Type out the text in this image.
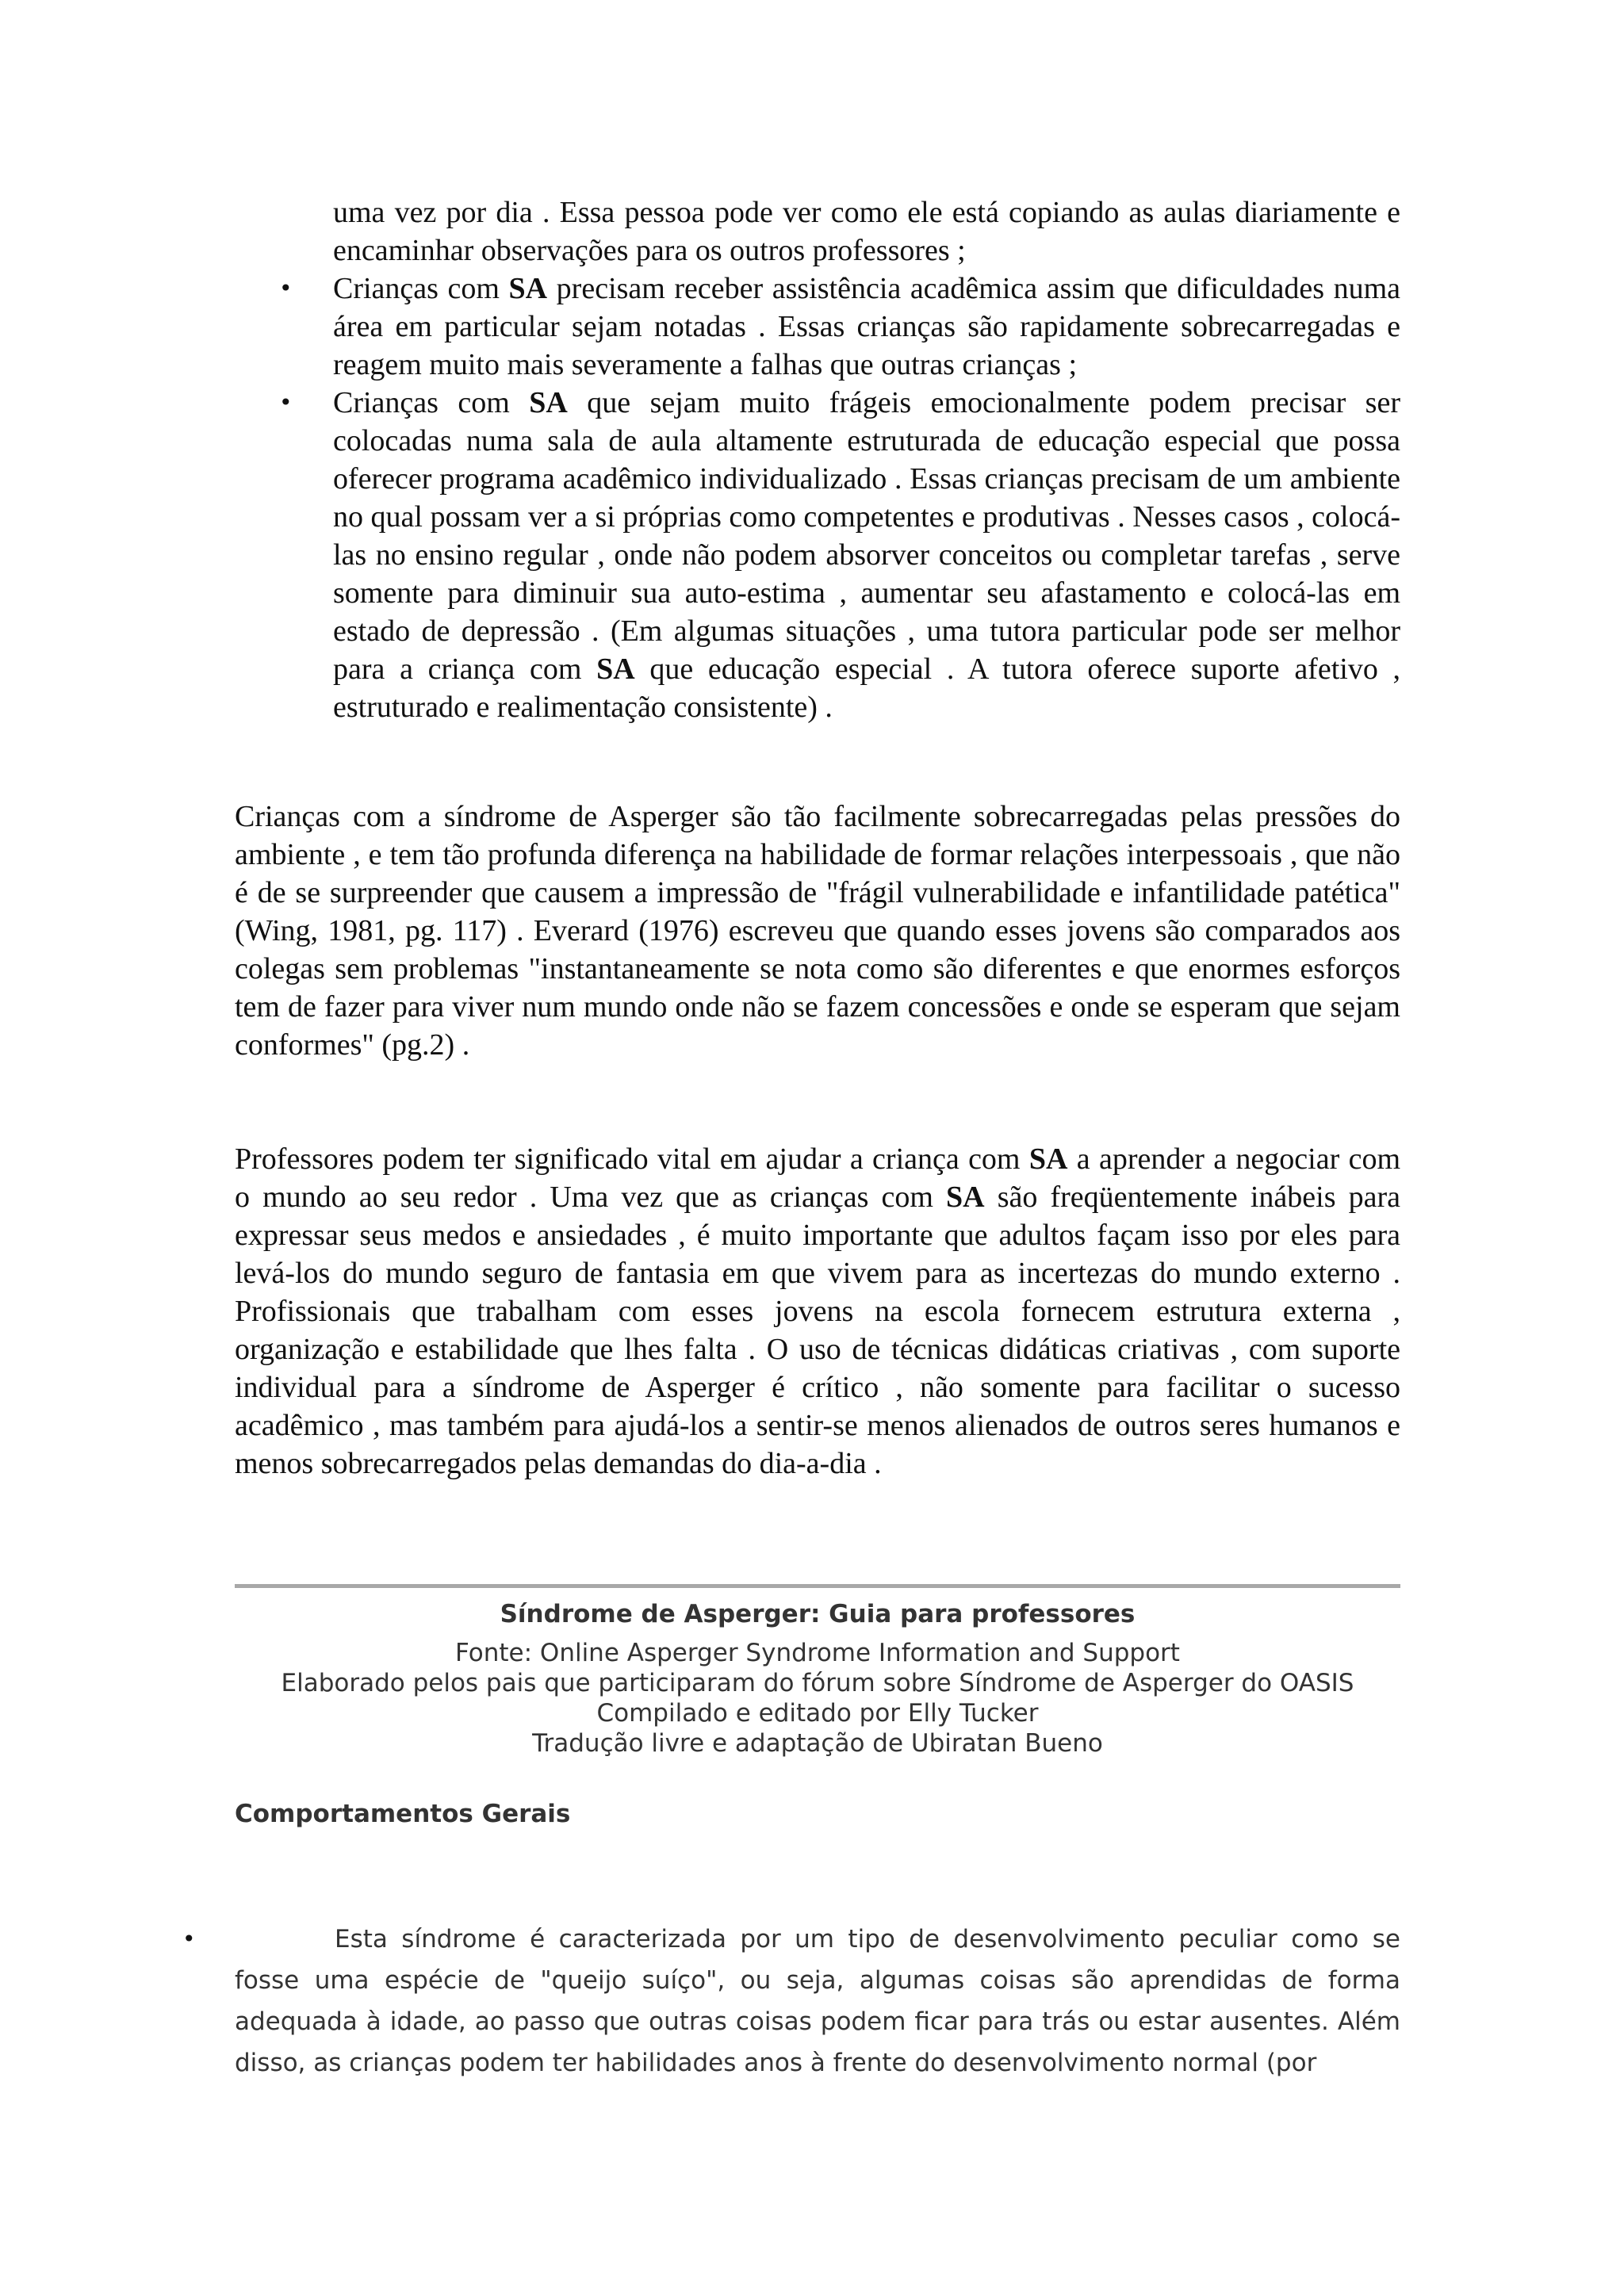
uma vez por dia . Essa pessoa pode ver como ele está copiando as aulas diariamente e encaminhar observações para os outros professores ;
• Crianças com SA precisam receber assistência acadêmica assim que dificuldades numa área em particular sejam notadas . Essas crianças são rapidamente sobrecarregadas e reagem muito mais severamente a falhas que outras crianças ;
• Crianças com SA que sejam muito frágeis emocionalmente podem precisar ser colocadas numa sala de aula altamente estruturada de educação especial que possa oferecer programa acadêmico individualizado . Essas crianças precisam de um ambiente no qual possam ver a si próprias como competentes e produtivas . Nesses casos , colocá-las no ensino regular , onde não podem absorver conceitos ou completar tarefas , serve somente para diminuir sua auto-estima , aumentar seu afastamento e colocá-las em estado de depressão . (Em algumas situações , uma tutora particular pode ser melhor para a criança com SA que educação especial . A tutora oferece suporte afetivo , estruturado e realimentação consistente) .

Crianças com a síndrome de Asperger são tão facilmente sobrecarregadas pelas pressões do ambiente , e tem tão profunda diferença na habilidade de formar relações interpessoais , que não é de se surpreender que causem a impressão de "frágil vulnerabilidade e infantilidade patética" (Wing, 1981, pg. 117) . Everard (1976) escreveu que quando esses jovens são comparados aos colegas sem problemas "instantaneamente se nota como são diferentes e que enormes esforços tem de fazer para viver num mundo onde não se fazem concessões e onde se esperam que sejam conformes" (pg.2) .

Professores podem ter significado vital em ajudar a criança com SA a aprender a negociar com o mundo ao seu redor . Uma vez que as crianças com SA são freqüentemente inábeis para expressar seus medos e ansiedades , é muito importante que adultos façam isso por eles para levá-los do mundo seguro de fantasia em que vivem para as incertezas do mundo externo . Profissionais que trabalham com esses jovens na escola fornecem estrutura externa , organização e estabilidade que lhes falta . O uso de técnicas didáticas criativas , com suporte individual para a síndrome de Asperger é crítico , não somente para facilitar o sucesso acadêmico , mas também para ajudá-los a sentir-se menos alienados de outros seres humanos e menos sobrecarregados pelas demandas do dia-a-dia .

Síndrome de Asperger: Guia para professores
Fonte: Online Asperger Syndrome Information and Support
Elaborado pelos pais que participaram do fórum sobre Síndrome de Asperger do OASIS
Compilado e editado por Elly Tucker
Tradução livre e adaptação de Ubiratan Bueno
Comportamentos Gerais
•	Esta síndrome é caracterizada por um tipo de desenvolvimento peculiar como se fosse uma espécie de "queijo suíço", ou seja, algumas coisas são aprendidas de forma adequada à idade, ao passo que outras coisas podem ficar para trás ou estar ausentes. Além disso, as crianças podem ter habilidades anos à frente do desenvolvimento normal (por
